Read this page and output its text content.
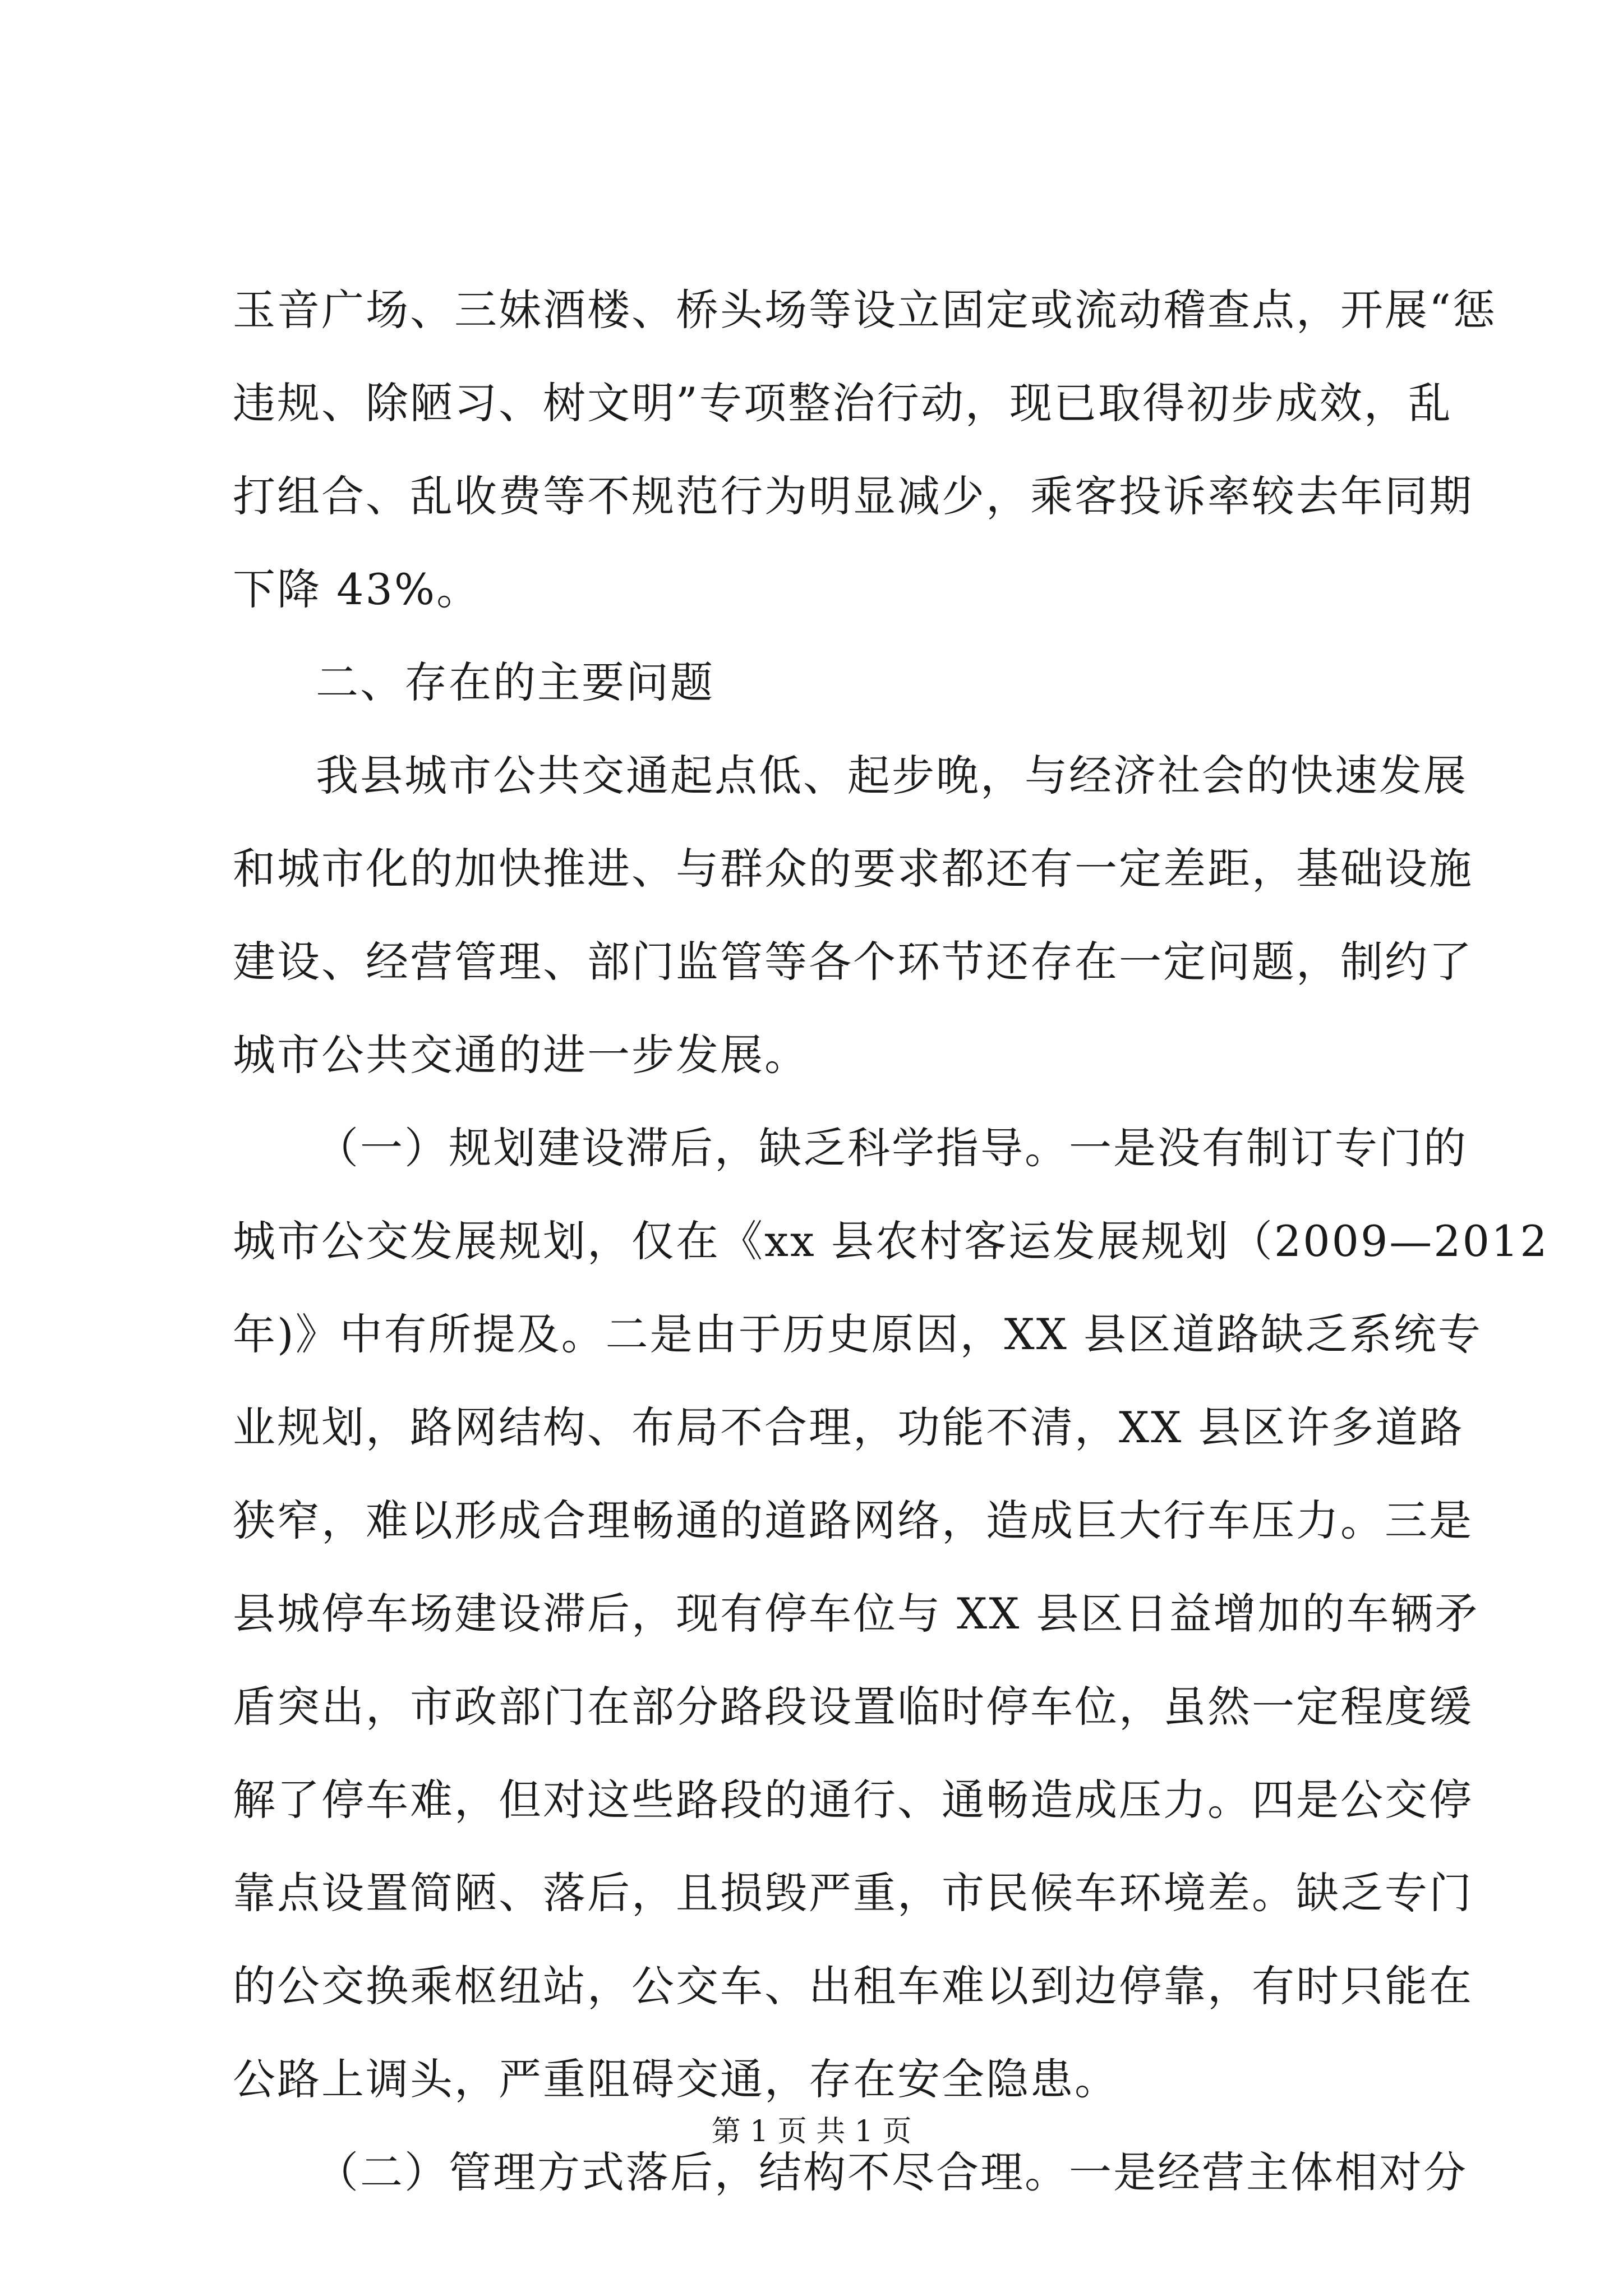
玉音广场、三妹酒楼、桥头场等设立固定或流动稽查点，开展“惩
违规、除陋习、树文明”专项整治行动，现已取得初步成效，乱
打组合、乱收费等不规范行为明显减少，乘客投诉率较去年同期
下降 43%。
二、存在的主要问题
我县城市公共交通起点低、起步晚，与经济社会的快速发展
和城市化的加快推进、与群众的要求都还有一定差距，基础设施
建设、经营管理、部门监管等各个环节还存在一定问题，制约了
城市公共交通的进一步发展。
（一）规划建设滞后，缺乏科学指导。一是没有制订专门的
城市公交发展规划，仅在《xx 县农村客运发展规划（2009—2012
年)》中有所提及。二是由于历史原因，XX 县区道路缺乏系统专
业规划，路网结构、布局不合理，功能不清，XX 县区许多道路
狭窄，难以形成合理畅通的道路网络，造成巨大行车压力。三是
县城停车场建设滞后，现有停车位与 XX 县区日益增加的车辆矛
盾突出，市政部门在部分路段设置临时停车位，虽然一定程度缓
解了停车难，但对这些路段的通行、通畅造成压力。四是公交停
靠点设置简陋、落后，且损毁严重，市民候车环境差。缺乏专门
的公交换乘枢纽站，公交车、出租车难以到边停靠，有时只能在
公路上调头，严重阻碍交通，存在安全隐患。
（二）管理方式落后，结构不尽合理。一是经营主体相对分
第 1 页 共 1 页
